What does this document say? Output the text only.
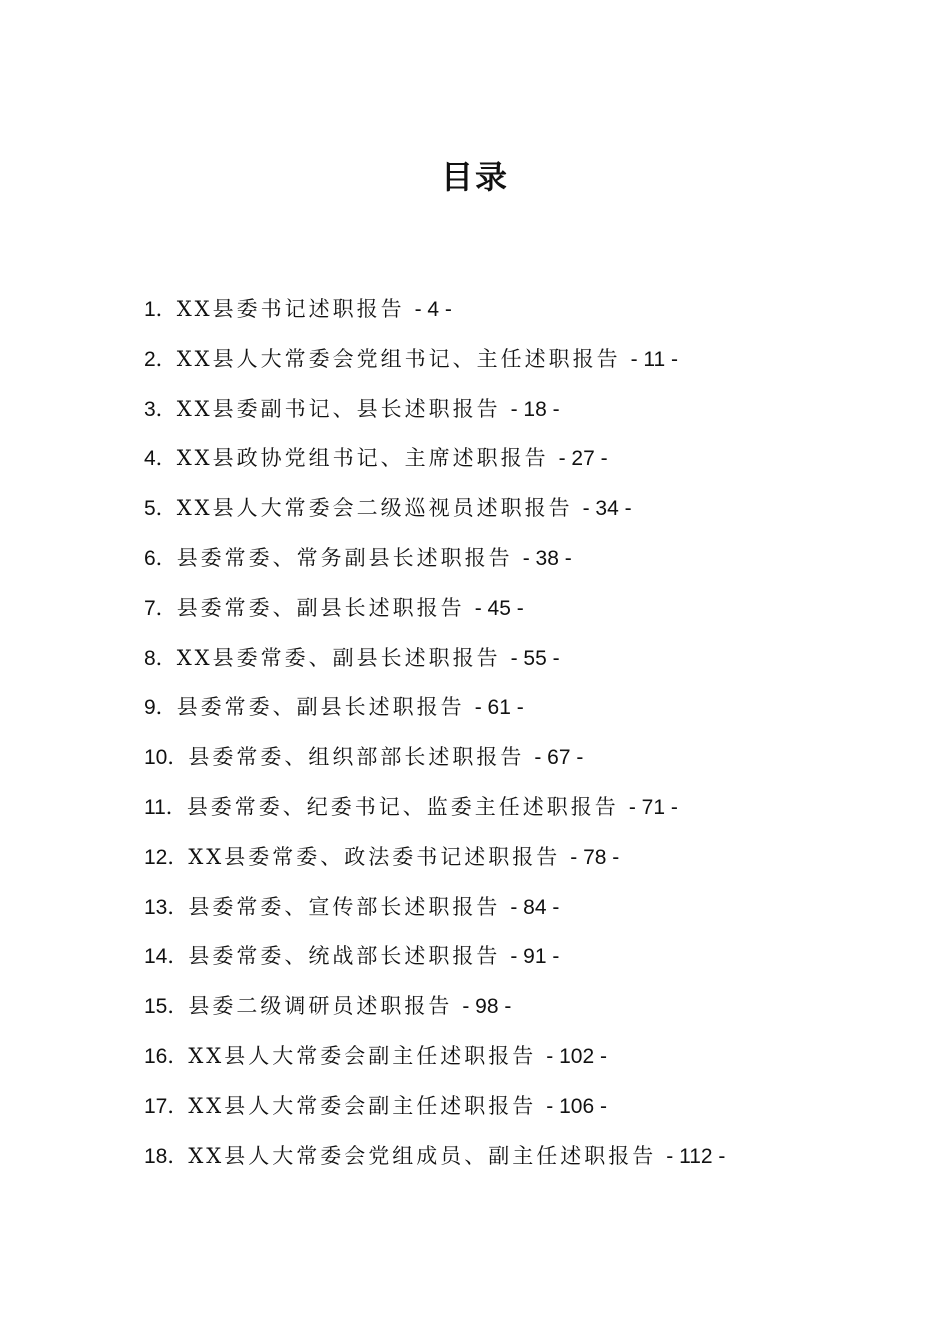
目录
1．XX县委书记述职报告 - 4 -
2．XX县人大常委会党组书记、主任述职报告 - 11 -
3．XX县委副书记、县长述职报告 - 18 -
4．XX县政协党组书记、主席述职报告 - 27 -
5．XX县人大常委会二级巡视员述职报告 - 34 -
6．县委常委、常务副县长述职报告 - 38 -
7．县委常委、副县长述职报告 - 45 -
8．XX县委常委、副县长述职报告 - 55 -
9．县委常委、副县长述职报告 - 61 -
10．县委常委、组织部部长述职报告 - 67 -
11．县委常委、纪委书记、监委主任述职报告 - 71 -
12．XX县委常委、政法委书记述职报告 - 78 -
13．县委常委、宣传部长述职报告 - 84 -
14．县委常委、统战部长述职报告 - 91 -
15．县委二级调研员述职报告 - 98 -
16．XX县人大常委会副主任述职报告 - 102 -
17．XX县人大常委会副主任述职报告 - 106 -
18．XX县人大常委会党组成员、副主任述职报告 - 112 -
